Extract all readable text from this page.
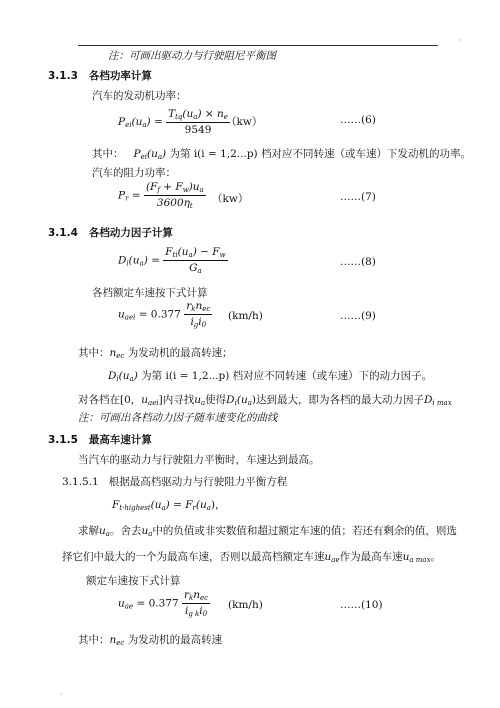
·
·
注：可画出驱动力与行驶阻尼平衡图
3.1.3 各档功率计算
汽车的发动机功率：
$P_{ei}(u_a) = \frac{T_{tq}(u_a) \times n_e}{9549}$
（kw）	……(6)
其中： $P_{ei}(u_a)$ 为第 i(i = 1,2...p) 档对应不同转速（或车速）下发动机的功率。
汽车的阻力功率：
$P_r = \frac{(F_f + F_w)u_a}{3600\eta_t} (kw)$	……(7)
3.1.4 各档动力因子计算
$D_i(u_a) = \frac{F_{ti}(u_a) - F_w}{G_a}$	……(8)
各档额定车速按下式计算
$u_{aei} = 0.377 \frac{r_kn_{ec}}{i_gi_0} (km/h)$	……(9)
其中：$n_{ec}$ 为发动机的最高转速；
$D_i(u_a)$ 为第 i(i = 1,2...p) 档对应不同转速（或车速）下的动力因子。
对各档在[0，$u_{aei}$]内寻找$u_a$使得$D_i(u_a)$达到最大，即为各档的最大动力因子$D_{i max}$
注：可画出各档动力因子随车速变化的曲线
3.1.5 最高车速计算
当汽车的驱动力与行驶阻力平衡时，车速达到最高。
3.1.5.1 根据最高档驱动力与行驶阻力平衡方程
$F_{t\cdot highest}(u_a) = F_r(u_a)$，
求解$u_a$。舍去$u_a$中的负值或非实数值和超过额定车速的值；若还有剩余的值，则选
择它们中最大的一个为最高车速，否则以最高档额定车速$u_{ae}$作为最高车速$u_{a max}$。
额定车速按下式计算
$u_{ae} = 0.377 \frac{r_kn_{ec}}{i_{g k}i_0} (km/h)$	……(10)
其中：$n_{ec}$ 为发动机的最高转速
